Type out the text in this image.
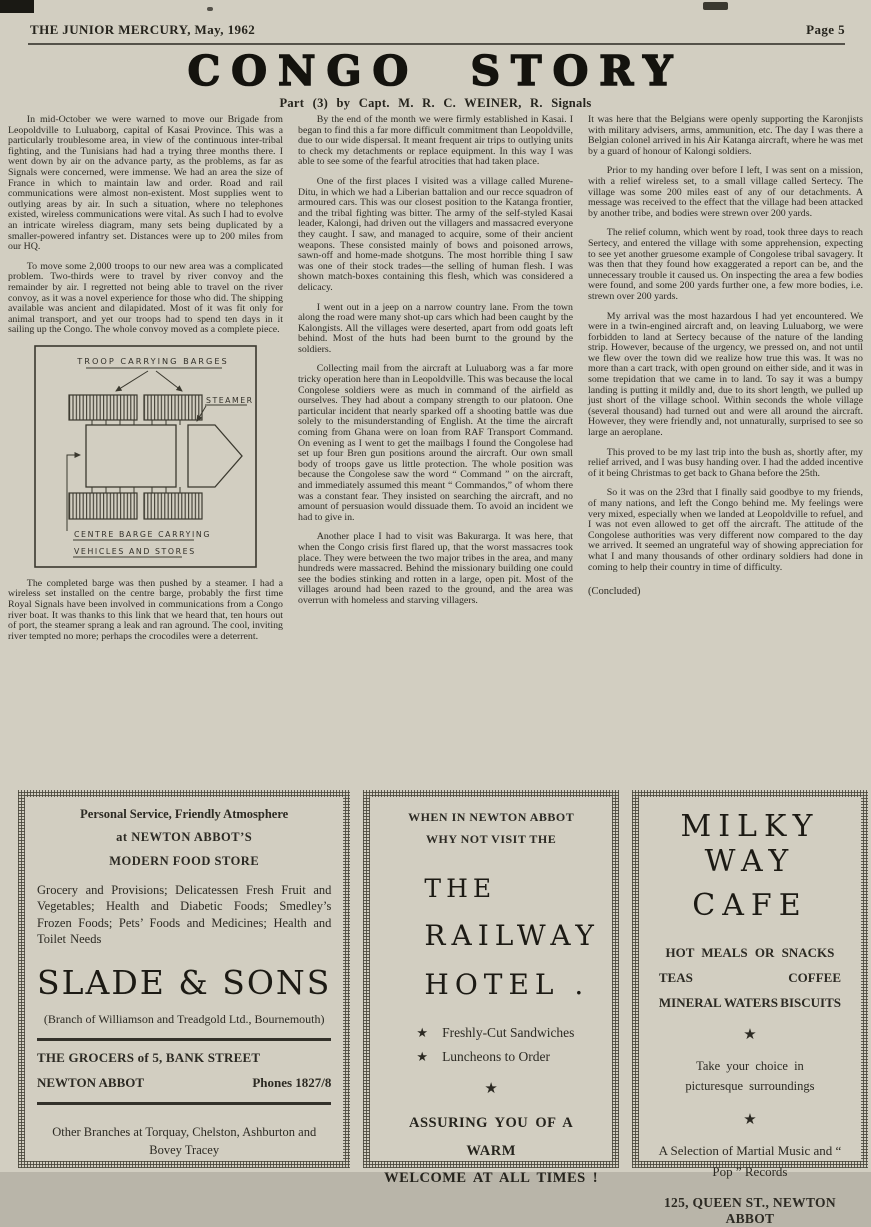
THE JUNIOR MERCURY, May, 1962	Page 5
CONGO STORY
Part (3) by Capt. M. R. C. WEINER, R. Signals

In mid-October we were warned to move our Brigade from Leopoldville to Luluaborg, capital of Kasai Province. This was a particularly troublesome area, in view of the continuous inter-tribal fighting, and the Tunisians had had a trying three months there. I went down by air on the advance party, as the problems, as far as Signals were concerned, were immense. We had an area the size of France in which to maintain law and order. Road and rail communications were almost non-existent. Most supplies went to outlying areas by air. In such a situation, where no telephones existed, wireless communications were vital. As such I had to evolve an intricate wireless diagram, many sets being duplicated by a smaller-powered infantry set. Distances were up to 200 miles from our HQ.

To move some 2,000 troops to our new area was a complicated problem. Two-thirds were to travel by river convoy and the remainder by air. I regretted not being able to travel on the river convoy, as it was a novel experience for those who did. The shipping available was ancient and dilapidated. Most of it was fit only for animal transport, and yet our troops had to spend ten days in it sailing up the Congo. The whole convoy moved as a complete piece.

TROOP CARRYING BARGES
STEAMER
CENTRE BARGE CARRYING
VEHICLES AND STORES

The completed barge was then pushed by a steamer. I had a wireless set installed on the centre barge, probably the first time Royal Signals have been involved in communications from a Congo river boat. It was thanks to this link that we heard that, ten hours out of port, the steamer sprang a leak and ran aground. The cool, inviting river tempted no more; perhaps the crocodiles were a deterrent.

By the end of the month we were firmly established in Kasai. I began to find this a far more difficult commitment than Leopoldville, due to our wide dispersal. It meant frequent air trips to outlying units to check my detachments or replace equipment. In this way I was able to see some of the fearful atrocities that had taken place.

One of the first places I visited was a village called Murene-Ditu, in which we had a Liberian battalion and our recce squadron of armoured cars. This was our closest position to the Katanga frontier, and the tribal fighting was bitter. The army of the self-styled Kasai leader, Kalongi, had driven out the villagers and massacred everyone they caught. I saw, and managed to acquire, some of their ancient weapons. These consisted mainly of bows and poisoned arrows, sawn-off and home-made shotguns. The most horrible thing I saw was one of their stock trades—the selling of human flesh. I was shown match-boxes containing this flesh, which was considered a delicacy.

I went out in a jeep on a narrow country lane. From the town along the road were many shot-up cars which had been caught by the Kalongists. All the villages were deserted, apart from odd goats left behind. Most of the huts had been burnt to the ground by the soldiers.

Collecting mail from the aircraft at Luluaborg was a far more tricky operation here than in Leopoldville. This was because the local Congolese soldiers were as much in command of the airfield as ourselves. They had about a company strength to our platoon. One particular incident that nearly sparked off a shooting battle was due solely to the misunderstanding of English. At the time the aircraft coming from Ghana were on loan from RAF Transport Command. On evening as I went to get the mailbags I found the Congolese had set up four Bren gun positions around the aircraft. Our own small body of troops gave us little protection. The whole position was because the Congolese saw the word “ Command ” on the aircraft, and immediately assumed this meant “ Commandos,” of whom there was a constant fear. They insisted on searching the aircraft, and no amount of persuasion would dissuade them. To avoid an incident we had to give in.

Another place I had to visit was Bakurarga. It was here, that when the Congo crisis first flared up, that the worst massacres took place. They were between the two major tribes in the area, and many hundreds were massacred. Behind the missionary building one could see the bodies stinking and rotten in a large, open pit. Most of the villages around had been razed to the ground, and the area was overrun with homeless and starving villagers.

It was here that the Belgians were openly supporting the Karonjists with military advisers, arms, ammunition, etc. The day I was there a Belgian colonel arrived in his Air Katanga aircraft, where he was met by a guard of honour of Kalongi soldiers.

Prior to my handing over before I left, I was sent on a mission, with a relief wireless set, to a small village called Sertecy. The village was some 200 miles east of any of our detachments. A message was received to the effect that the village had been attacked by another tribe, and bodies were strewn over 200 yards.

The relief column, which went by road, took three days to reach Sertecy, and entered the village with some apprehension, expecting to see yet another gruesome example of Congolese tribal savagery. It was then that they found how exaggerated a report can be, and the unnecessary trouble it caused us. On inspecting the area a few bodies were found, and some 200 yards further one, a few more bodies, i.e. strewn over 200 yards.

My arrival was the most hazardous I had yet encountered. We were in a twin-engined aircraft and, on leaving Luluaborg, we were forbidden to land at Sertecy because of the nature of the landing strip. However, because of the urgency, we pressed on, and not until we flew over the town did we realize how true this was. It was no more than a cart track, with open ground on either side, and it was in some trepidation that we came in to land. To say it was a bumpy landing is putting it mildly and, due to its short length, we pulled up just short of the village school. Within seconds the whole village (several thousand) had turned out and were all around the aircraft. However, they were friendly and, not unnaturally, surprised to see so large an aeroplane.

This proved to be my last trip into the bush as, shortly after, my relief arrived, and I was busy handing over. I had the added incentive of it being Christmas to get back to Ghana before the 25th.

So it was on the 23rd that I finally said goodbye to my friends, of many nations, and left the Congo behind me. My feelings were very mixed, especially when we landed at Leopoldville to refuel, and I was not even allowed to get off the aircraft. The attitude of the Congolese authorities was very different now compared to the day we arrived. It seemed an ungrateful way of showing appreciation for what I and many thousands of other ordinary soldiers had done in coming to help their country in time of difficulty.

(Concluded)

Personal Service, Friendly Atmosphere
at NEWTON ABBOT’S
MODERN FOOD STORE
Grocery and Provisions; Delicatessen Fresh Fruit and Vegetables; Health and Diabetic Foods; Smedley’s Frozen Foods; Pets’ Foods and Medicines; Health and Toilet Needs
SLADE & SONS
(Branch of Williamson and Treadgold Ltd., Bournemouth)
THE GROCERS of 5, BANK STREET
NEWTON ABBOT	Phones 1827/8
Other Branches at Torquay, Chelston, Ashburton and Bovey Tracey
WHEN IN NEWTON ABBOT
WHY NOT VISIT THE
THE
RAILWAY
HOTEL .
★ Freshly-Cut Sandwiches
★ Luncheons to Order
★
ASSURING YOU OF A WARM
WELCOME AT ALL TIMES !
MILKY WAY
CAFE
HOT MEALS OR SNACKS
TEAS	COFFEE
MINERAL WATERS BISCUITS
★
Take your choice in picturesque surroundings
★
A Selection of Martial Music and “ Pop ” Records
125, QUEEN ST., NEWTON ABBOT
